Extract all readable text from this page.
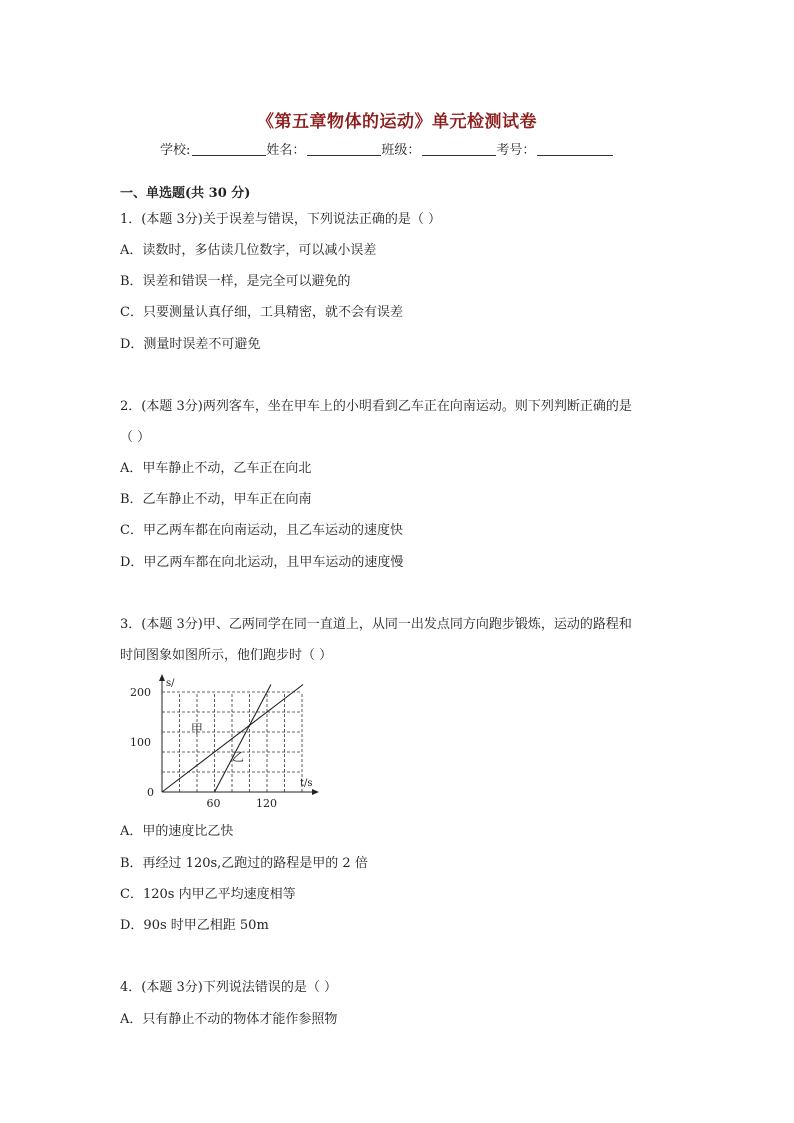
《第五章物体的运动》单元检测试卷
学校:	姓名：	班级：	考号：
一、单选题(共 30 分)
1．(本题 3分)关于误差与错误，下列说法正确的是（ ）
A．读数时，多估读几位数字，可以减小误差
B．误差和错误一样，是完全可以避免的
C．只要测量认真仔细，工具精密，就不会有误差
D．测量时误差不可避免
2．(本题 3分)两列客车，坐在甲车上的小明看到乙车正在向南运动。则下列判断正确的是
（ ）
A．甲车静止不动，乙车正在向北
B．乙车静止不动，甲车正在向南
C．甲乙两车都在向南运动，且乙车运动的速度快
D．甲乙两车都在向北运动，且甲车运动的速度慢
3．(本题 3分)甲、乙两同学在同一直道上，从同一出发点同方向跑步锻炼，运动的路程和
时间图象如图所示，他们跑步时（ ）
甲
乙
0
60	120
100
200
s/
t/s
A．甲的速度比乙快
B．再经过 120s,乙跑过的路程是甲的 2 倍
C．120s 内甲乙平均速度相等
D．90s 时甲乙相距 50m
4．(本题 3分)下列说法错误的是（ ）
A．只有静止不动的物体才能作参照物
